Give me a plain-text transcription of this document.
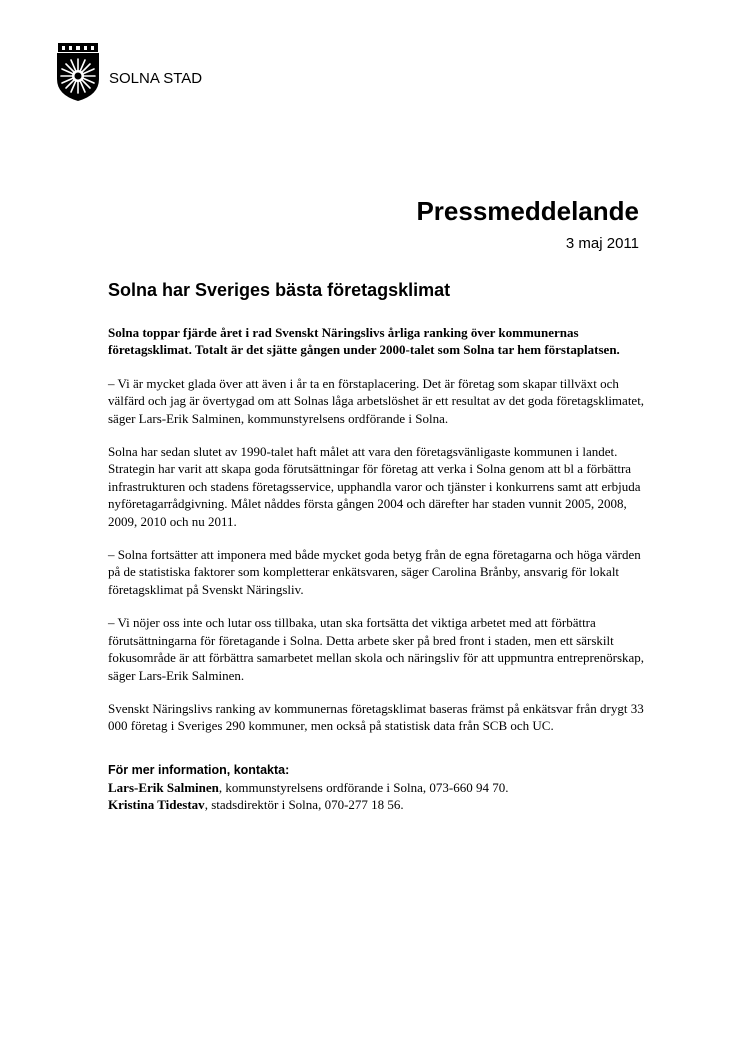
SOLNA STAD
Pressmeddelande
3 maj 2011
Solna har Sveriges bästa företagsklimat

Solna toppar fjärde året i rad Svenskt Näringslivs årliga ranking över kommunernas företagsklimat. Totalt är det sjätte gången under 2000-talet som Solna tar hem förstaplatsen.

– Vi är mycket glada över att även i år ta en förstaplacering. Det är företag som skapar tillväxt och välfärd och jag är övertygad om att Solnas låga arbetslöshet är ett resultat av det goda företagsklimatet, säger Lars-Erik Salminen, kommunstyrelsens ordförande i Solna.

Solna har sedan slutet av 1990-talet haft målet att vara den företagsvänligaste kommunen i landet. Strategin har varit att skapa goda förutsättningar för företag att verka i Solna genom att bl a förbättra infrastrukturen och stadens företagsservice, upphandla varor och tjänster i konkurrens samt att erbjuda nyföretagarrådgivning. Målet nåddes första gången 2004 och därefter har staden vunnit 2005, 2008, 2009, 2010 och nu 2011.

– Solna fortsätter att imponera med både mycket goda betyg från de egna företagarna och höga värden på de statistiska faktorer som kompletterar enkätsvaren, säger Carolina Brånby, ansvarig för lokalt företagsklimat på Svenskt Näringsliv.

– Vi nöjer oss inte och lutar oss tillbaka, utan ska fortsätta det viktiga arbetet med att förbättra förutsättningarna för företagande i Solna. Detta arbete sker på bred front i staden, men ett särskilt fokusområde är att förbättra samarbetet mellan skola och näringsliv för att uppmuntra entreprenörskap, säger Lars-Erik Salminen.

Svenskt Näringslivs ranking av kommunernas företagsklimat baseras främst på enkätsvar från drygt 33 000 företag i Sveriges 290 kommuner, men också på statistisk data från SCB och UC.

För mer information, kontakta:
Lars-Erik Salminen, kommunstyrelsens ordförande i Solna, 073-660 94 70.
Kristina Tidestav, stadsdirektör i Solna, 070-277 18 56.
